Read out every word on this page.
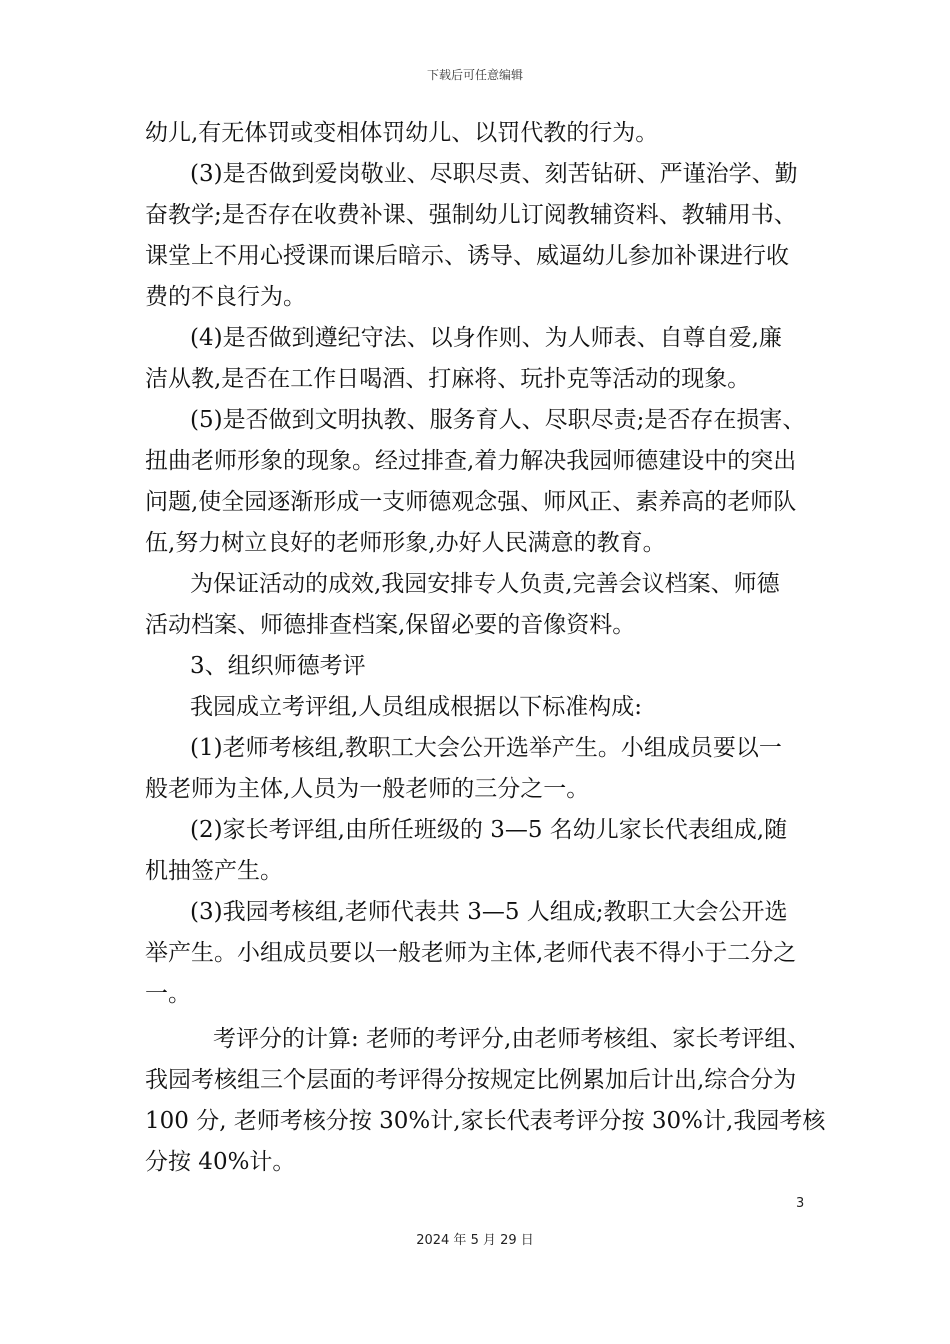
下载后可任意编辑
幼儿,有无体罚或变相体罚幼儿、以罚代教的行为。
(3)是否做到爱岗敬业、尽职尽责、刻苦钻研、严谨治学、勤
奋教学;是否存在收费补课、强制幼儿订阅教辅资料、教辅用书、
课堂上不用心授课而课后暗示、诱导、威逼幼儿参加补课进行收
费的不良行为。
(4)是否做到遵纪守法、以身作则、为人师表、自尊自爱,廉
洁从教,是否在工作日喝酒、打麻将、玩扑克等活动的现象。
(5)是否做到文明执教、服务育人、尽职尽责;是否存在损害、
扭曲老师形象的现象。经过排查,着力解决我园师德建设中的突出
问题,使全园逐渐形成一支师德观念强、师风正、素养高的老师队
伍,努力树立良好的老师形象,办好人民满意的教育。
为保证活动的成效,我园安排专人负责,完善会议档案、师德
活动档案、师德排查档案,保留必要的音像资料。
3、组织师德考评
我园成立考评组,人员组成根据以下标准构成:
(1)老师考核组,教职工大会公开选举产生。小组成员要以一
般老师为主体,人员为一般老师的三分之一。
(2)家长考评组,由所任班级的 3—5 名幼儿家长代表组成,随
机抽签产生。
(3)我园考核组,老师代表共 3—5 人组成;教职工大会公开选
举产生。小组成员要以一般老师为主体,老师代表不得小于二分之
一。
考评分的计算: 老师的考评分,由老师考核组、家长考评组、
我园考核组三个层面的考评得分按规定比例累加后计出,综合分为
100 分, 老师考核分按 30%计,家长代表考评分按 30%计,我园考核
分按 40%计。
3
2024 年 5 月 29 日
